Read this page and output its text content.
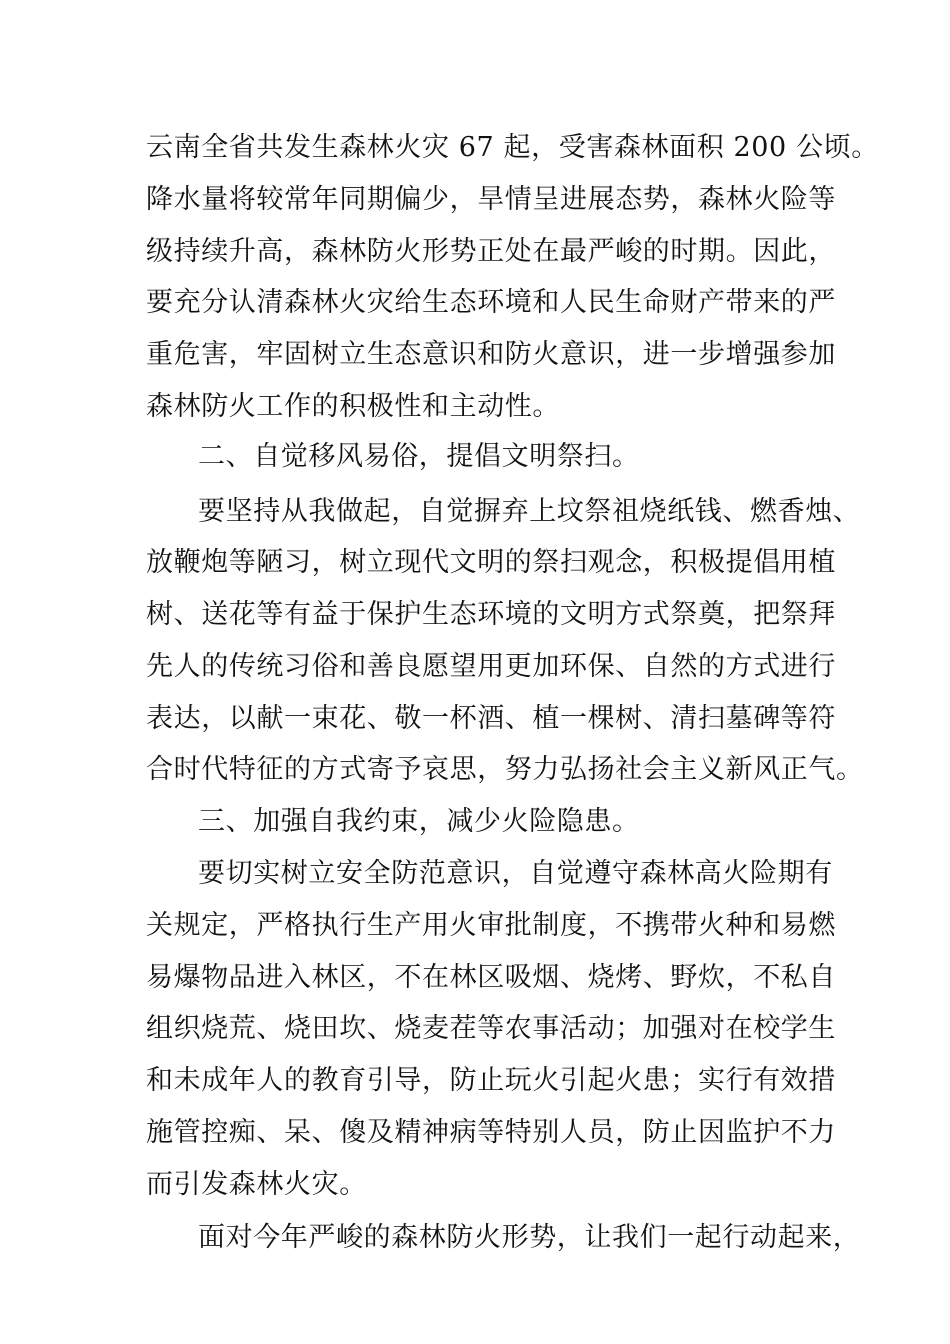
云南全省共发生森林火灾 67 起，受害森林面积 200 公顷。
降水量将较常年同期偏少，旱情呈进展态势，森林火险等
级持续升高，森林防火形势正处在最严峻的时期。因此，
要充分认清森林火灾给生态环境和人民生命财产带来的严
重危害，牢固树立生态意识和防火意识，进一步增强参加
森林防火工作的积极性和主动性。
二、自觉移风易俗，提倡文明祭扫。
要坚持从我做起，自觉摒弃上坟祭祖烧纸钱、燃香烛、
放鞭炮等陋习，树立现代文明的祭扫观念，积极提倡用植
树、送花等有益于保护生态环境的文明方式祭奠，把祭拜
先人的传统习俗和善良愿望用更加环保、自然的方式进行
表达，以献一束花、敬一杯酒、植一棵树、清扫墓碑等符
合时代特征的方式寄予哀思，努力弘扬社会主义新风正气。
三、加强自我约束，减少火险隐患。
要切实树立安全防范意识，自觉遵守森林高火险期有
关规定，严格执行生产用火审批制度，不携带火种和易燃
易爆物品进入林区，不在林区吸烟、烧烤、野炊，不私自
组织烧荒、烧田坎、烧麦茬等农事活动；加强对在校学生
和未成年人的教育引导，防止玩火引起火患；实行有效措
施管控痴、呆、傻及精神病等特别人员，防止因监护不力
而引发森林火灾。
面对今年严峻的森林防火形势，让我们一起行动起来，
